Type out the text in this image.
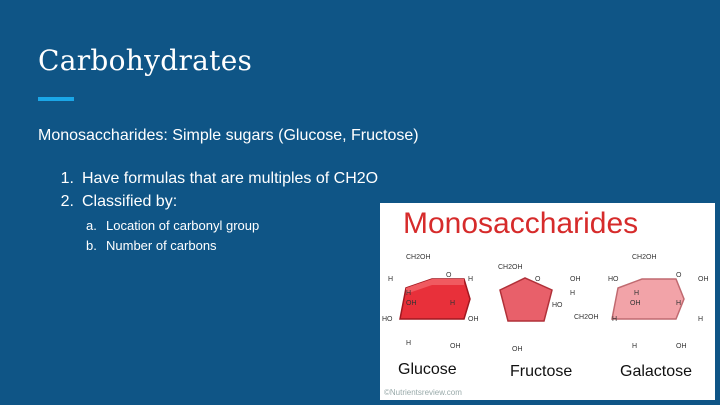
Carbohydrates
Monosaccharides: Simple sugars (Glucose, Fructose)
1. Have formulas that are multiples of CH2O
2. Classified by:
a. Location of carbonyl group
b. Number of carbons
Monosaccharides
CH2OH
O
H	H
H
OH	H
HO	OH
H	OH
CH2OH
O	OH
HO
H
CH2OH
OH
CH2OH
HO
O
OH
H
OH	H
H	H
H	OH
Glucose	Fructose	Galactose
©Nutrientsreview.com
